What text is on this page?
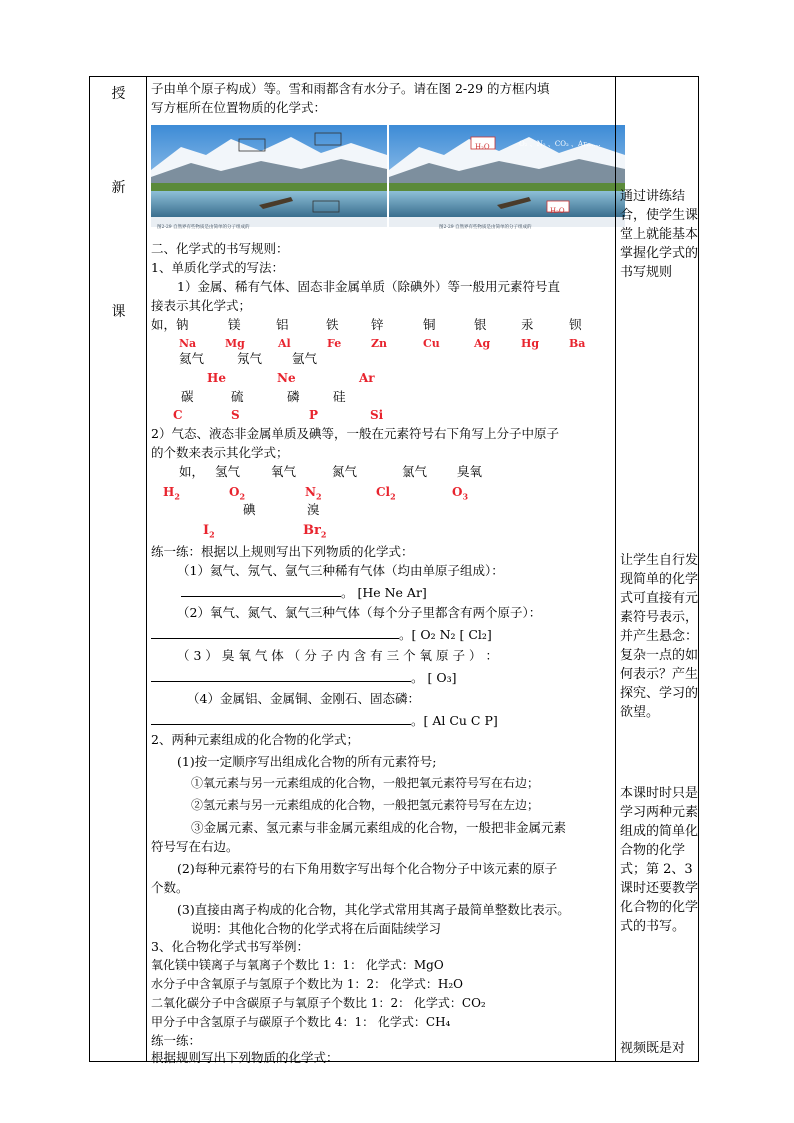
授
新
课
子由单个原子构成）等。雪和雨都含有水分子。请在图 2-29 的方框内填
写方框所在位置物质的化学式：
图2-29 自然界有些物质是由简单的分子组成的
H₂O	O₂ 、N₂ 、CO₂ 、Ar……
H₂O
图2-29 自然界有些物质是由简单的分子组成的
二、化学式的书写规则：
1、单质化学式的写法：
1）金属、稀有气体、固态非金属单质（除碘外）等一般用元素符号直
接表示其化学式；
如，钠	镁	铝	铁	锌	铜	银	汞	钡
Na	Mg	Al	Fe	Zn	Cu	Ag	Hg	Ba
氦气	氖气 氩气
He	Ne	Ar
碳	硫	磷	硅
C	S	P	Si
2）气态、液态非金属单质及碘等，一般在元素符号右下角写上分子中原子
的个数来表示其化学式；
如， 氢气 氧气	氮气	氯气 臭氧
$H_2$	$O_2$	$N_2$	$Cl_2$	$O_3$
碘	溴
$I_2$	$Br_2$
练一练：根据以上规则写出下列物质的化学式：
（1）氦气、氖气、氩气三种稀有气体（均由单原子组成）：
。 [He Ne Ar]
（2）氧气、氮气、氯气三种气体（每个分子里都含有两个原子）：
。[ O₂ N₂ [ Cl₂]
（ 3 ） 臭 氧 气 体 （ 分 子 内 含 有 三 个 氧 原 子 ） ：
。 [ O₃]
（4）金属铝、金属铜、金刚石、固态磷：
。[ Al Cu C P]
2、两种元素组成的化合物的化学式；
(1)按一定顺序写出组成化合物的所有元素符号;
①氧元素与另一元素组成的化合物，一般把氧元素符号写在右边；
②氢元素与另一元素组成的化合物，一般把氢元素符号写在左边；
③金属元素、氢元素与非金属元素组成的化合物，一般把非金属元素
符号写在右边。
(2)每种元素符号的右下角用数字写出每个化合物分子中该元素的原子
个数。
(3)直接由离子构成的化合物，其化学式常用其离子最简单整数比表示。
说明：其他化合物的化学式将在后面陆续学习
3、化合物化学式书写举例：
氧化镁中镁离子与氧离子个数比 1：1： 化学式：MgO
水分子中含氧原子与氢原子个数比为 1：2： 化学式：H₂O
二氧化碳分子中含碳原子与氧原子个数比 1：2： 化学式：CO₂
甲分子中含氢原子与碳原子个数比 4：1： 化学式：CH₄
练一练：
根据规则写出下列物质的化学式：
通过讲练结合，使学生课堂上就能基本掌握化学式的书写规则
让学生自行发现简单的化学式可直接有元素符号表示，并产生悬念：复杂一点的如何表示？产生探究、学习的欲望。
本课时时只是学习两种元素组成的简单化合物的化学式；第 2、3 课时还要教学化合物的化学式的书写。
视频既是对
